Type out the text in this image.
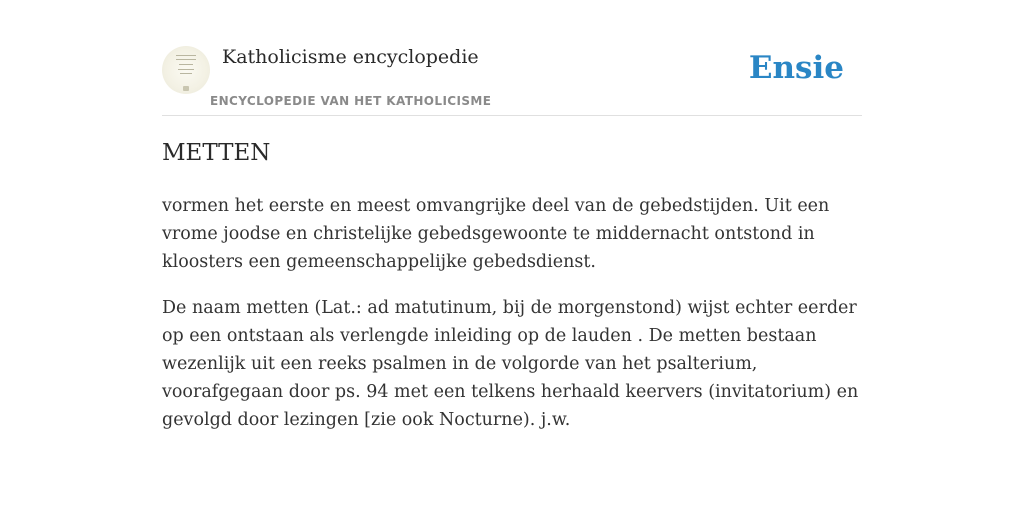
Katholicisme encyclopedie
ENCYCLOPEDIE VAN HET KATHOLICISME
Ensie
METTEN

vormen het eerste en meest omvangrijke deel van de gebedstijden. Uit een vrome joodse en christelijke gebedsgewoonte te middernacht ontstond in kloosters een gemeenschappelijke gebedsdienst.

De naam metten (Lat.: ad matutinum, bij de morgenstond) wijst echter eerder op een ontstaan als verlengde inleiding op de lauden . De metten bestaan wezenlijk uit een reeks psalmen in de volgorde van het psalterium, voorafgegaan door ps. 94 met een telkens herhaald keervers (invitatorium) en gevolgd door lezingen [zie ook Nocturne). j.w.
